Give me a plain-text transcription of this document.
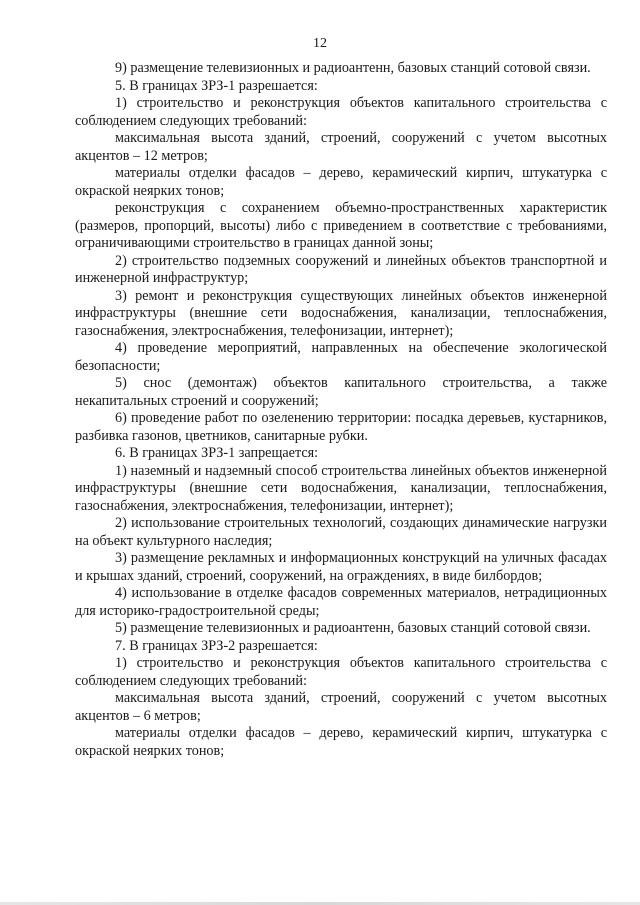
12

9) размещение телевизионных и радиоантенн, базовых станций сотовой связи.

5. В границах ЗРЗ-1 разрешается:

1) строительство и реконструкция объектов капитального строительства с соблюдением следующих требований:

максимальная высота зданий, строений, сооружений с учетом высотных акцентов – 12 метров;

материалы отделки фасадов – дерево, керамический кирпич, штукатурка с окраской неярких тонов;

реконструкция с сохранением объемно-пространственных характеристик (размеров, пропорций, высоты) либо с приведением в соответствие с требованиями, ограничивающими строительство в границах данной зоны;

2) строительство подземных сооружений и линейных объектов транспортной и инженерной инфраструктур;

3) ремонт и реконструкция существующих линейных объектов инженерной инфраструктуры (внешние сети водоснабжения, канализации, теплоснабжения, газоснабжения, электроснабжения, телефонизации, интернет);

4) проведение мероприятий, направленных на обеспечение экологической безопасности;

5) снос (демонтаж) объектов капитального строительства, а также некапитальных строений и сооружений;

6) проведение работ по озеленению территории: посадка деревьев, кустарников, разбивка газонов, цветников, санитарные рубки.

6. В границах ЗРЗ-1 запрещается:

1) наземный и надземный способ строительства линейных объектов инженерной инфраструктуры (внешние сети водоснабжения, канализации, теплоснабжения, газоснабжения, электроснабжения, телефонизации, интернет);

2) использование строительных технологий, создающих динамические нагрузки на объект культурного наследия;

3) размещение рекламных и информационных конструкций на уличных фасадах и крышах зданий, строений, сооружений, на ограждениях, в виде билбордов;

4) использование в отделке фасадов современных материалов, нетрадиционных для историко-градостроительной среды;

5) размещение телевизионных и радиоантенн, базовых станций сотовой связи.

7. В границах ЗРЗ-2 разрешается:

1) строительство и реконструкция объектов капитального строительства с соблюдением следующих требований:

максимальная высота зданий, строений, сооружений с учетом высотных акцентов – 6 метров;

материалы отделки фасадов – дерево, керамический кирпич, штукатурка с окраской неярких тонов;
